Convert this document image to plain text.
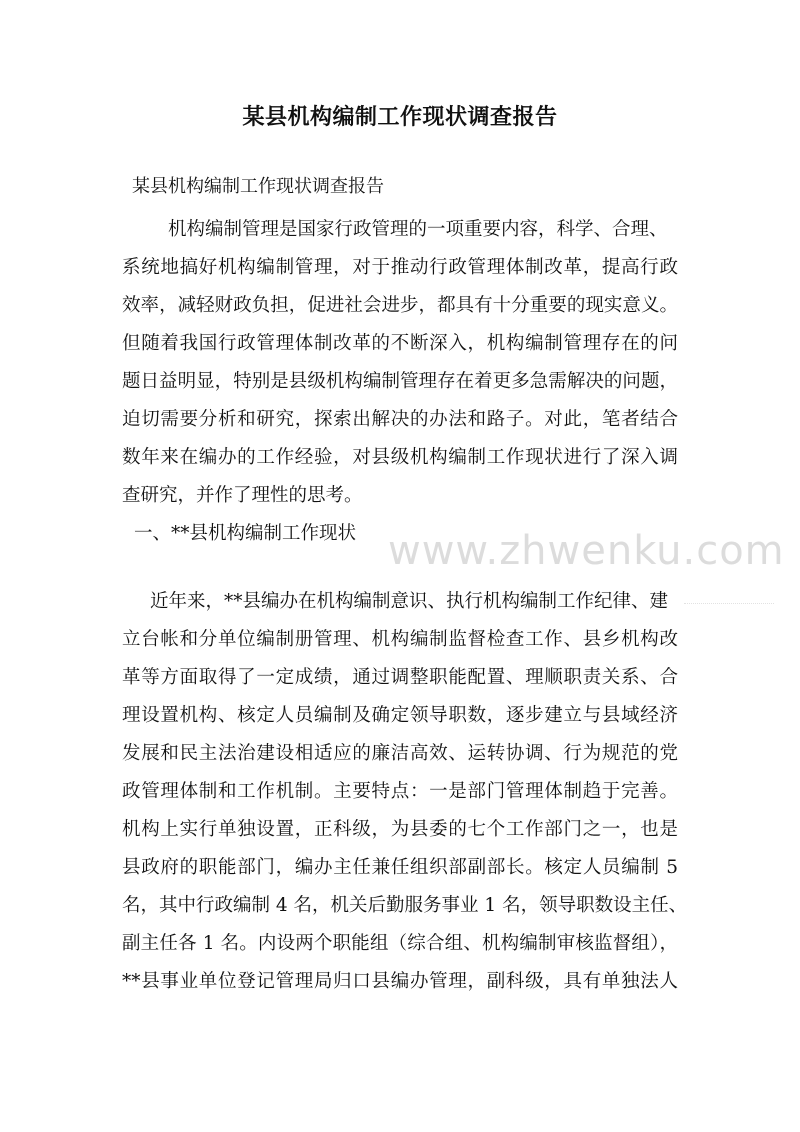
某县机构编制工作现状调查报告
某县机构编制工作现状调查报告
机构编制管理是国家行政管理的一项重要内容，科学、合理、
系统地搞好机构编制管理，对于推动行政管理体制改革，提高行政
效率，减轻财政负担，促进社会进步，都具有十分重要的现实意义。
但随着我国行政管理体制改革的不断深入，机构编制管理存在的问
题日益明显，特别是县级机构编制管理存在着更多急需解决的问题，
迫切需要分析和研究，探索出解决的办法和路子。对此，笔者结合
数年来在编办的工作经验，对县级机构编制工作现状进行了深入调
查研究，并作了理性的思考。
一、**县机构编制工作现状
近年来，**县编办在机构编制意识、执行机构编制工作纪律、建
立台帐和分单位编制册管理、机构编制监督检查工作、县乡机构改
革等方面取得了一定成绩，通过调整职能配置、理顺职责关系、合
理设置机构、核定人员编制及确定领导职数，逐步建立与县域经济
发展和民主法治建设相适应的廉洁高效、运转协调、行为规范的党
政管理体制和工作机制。主要特点：一是部门管理体制趋于完善。
机构上实行单独设置，正科级，为县委的七个工作部门之一，也是
县政府的职能部门，编办主任兼任组织部副部长。核定人员编制 5
名，其中行政编制 4 名，机关后勤服务事业 1 名，领导职数设主任、
副主任各 1 名。内设两个职能组（综合组、机构编制审核监督组），
**县事业单位登记管理局归口县编办管理，副科级，具有单独法人
www.zhwenku.com
